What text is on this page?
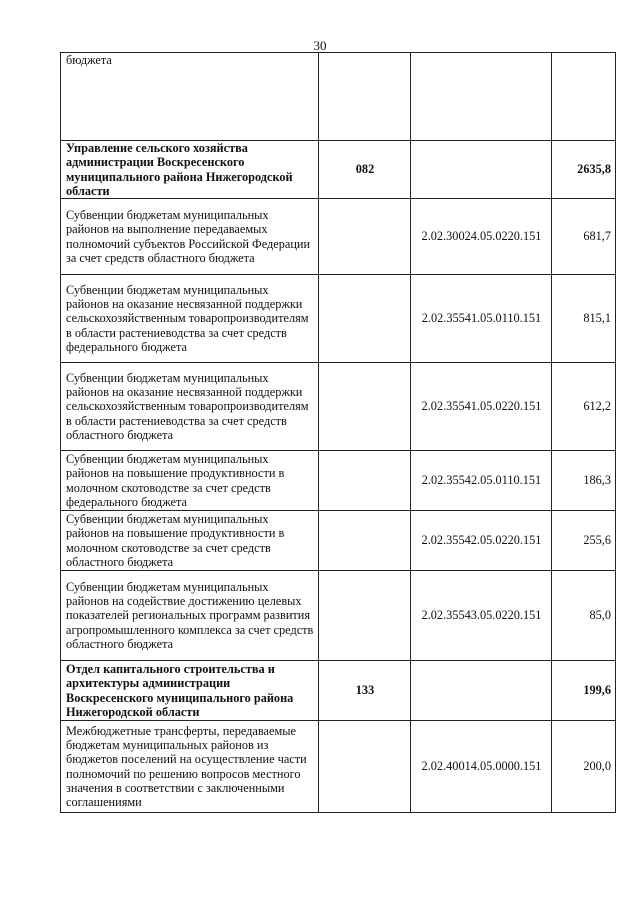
30
бюджета			
Управление сельского хозяйства администрации Воскресенского муниципального района Нижегородской области	082		2635,8
Субвенции бюджетам муниципальных районов на выполнение передаваемых полномочий субъектов Российской Федерации за счет средств областного бюджета		2.02.30024.05.0220.151	681,7
Субвенции бюджетам муниципальных районов на оказание несвязанной поддержки сельскохозяйственным товаропроизводителям в области растениеводства за счет средств федерального бюджета		2.02.35541.05.0110.151	815,1
Субвенции бюджетам муниципальных районов на оказание несвязанной поддержки сельскохозяйственным товаропроизводителям в области растениеводства за счет средств областного бюджета		2.02.35541.05.0220.151	612,2
Субвенции бюджетам муниципальных районов на повышение продуктивности в молочном скотоводстве за счет средств федерального бюджета		2.02.35542.05.0110.151	186,3
Субвенции бюджетам муниципальных районов на повышение продуктивности в молочном скотоводстве за счет средств областного бюджета		2.02.35542.05.0220.151	255,6
Субвенции бюджетам муниципальных районов на содействие достижению целевых показателей региональных программ развития агропромышленного комплекса за счет средств областного бюджета		2.02.35543.05.0220.151	85,0
Отдел капитального строительства и архитектуры администрации Воскресенского муниципального района Нижегородской области	133		199,6
Межбюджетные трансферты, передаваемые бюджетам муниципальных районов из бюджетов поселений на осуществление части полномочий по решению вопросов местного значения в соответствии с заключенными соглашениями		2.02.40014.05.0000.151	200,0
